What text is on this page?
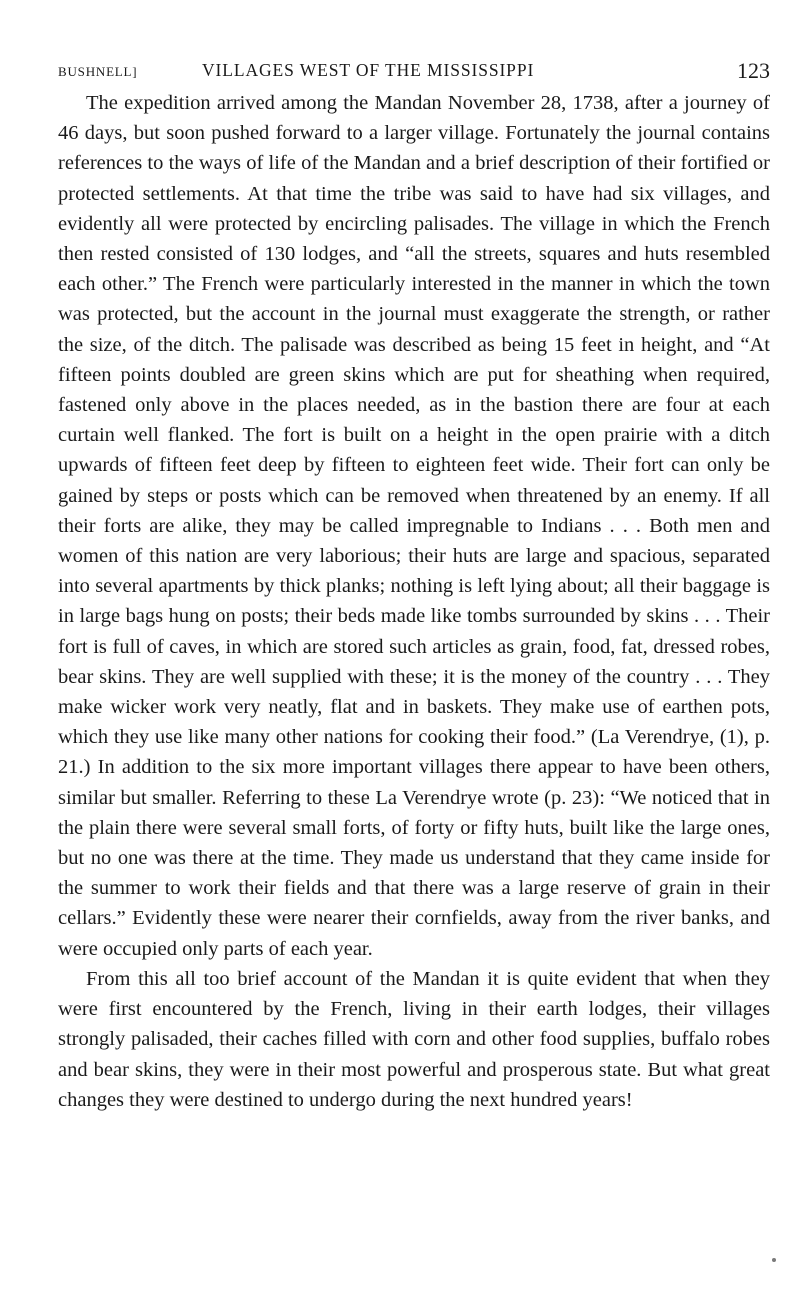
BUSHNELL]	VILLAGES WEST OF THE MISSISSIPPI	123

The expedition arrived among the Mandan November 28, 1738, after a journey of 46 days, but soon pushed forward to a larger village. Fortunately the journal contains references to the ways of life of the Mandan and a brief description of their fortified or protected settlements. At that time the tribe was said to have had six villages, and evidently all were protected by encircling palisades. The village in which the French then rested consisted of 130 lodges, and “all the streets, squares and huts resembled each other.” The French were particularly interested in the manner in which the town was protected, but the account in the journal must exaggerate the strength, or rather the size, of the ditch. The palisade was described as being 15 feet in height, and “At fifteen points doubled are green skins which are put for sheathing when required, fastened only above in the places needed, as in the bastion there are four at each curtain well flanked. The fort is built on a height in the open prairie with a ditch upwards of fifteen feet deep by fifteen to eighteen feet wide. Their fort can only be gained by steps or posts which can be removed when threatened by an enemy. If all their forts are alike, they may be called impregnable to Indians . . . Both men and women of this nation are very laborious; their huts are large and spacious, separated into several apartments by thick planks; nothing is left lying about; all their baggage is in large bags hung on posts; their beds made like tombs surrounded by skins . . . Their fort is full of caves, in which are stored such articles as grain, food, fat, dressed robes, bear skins. They are well supplied with these; it is the money of the country . . . They make wicker work very neatly, flat and in baskets. They make use of earthen pots, which they use like many other nations for cooking their food.” (La Verendrye, (1), p. 21.) In addition to the six more important villages there appear to have been others, similar but smaller. Referring to these La Verendrye wrote (p. 23): “We noticed that in the plain there were several small forts, of forty or fifty huts, built like the large ones, but no one was there at the time. They made us understand that they came inside for the summer to work their fields and that there was a large reserve of grain in their cellars.” Evidently these were nearer their cornfields, away from the river banks, and were occupied only parts of each year.

From this all too brief account of the Mandan it is quite evident that when they were first encountered by the French, living in their earth lodges, their villages strongly palisaded, their caches filled with corn and other food supplies, buffalo robes and bear skins, they were in their most powerful and prosperous state. But what great changes they were destined to undergo during the next hundred years!
